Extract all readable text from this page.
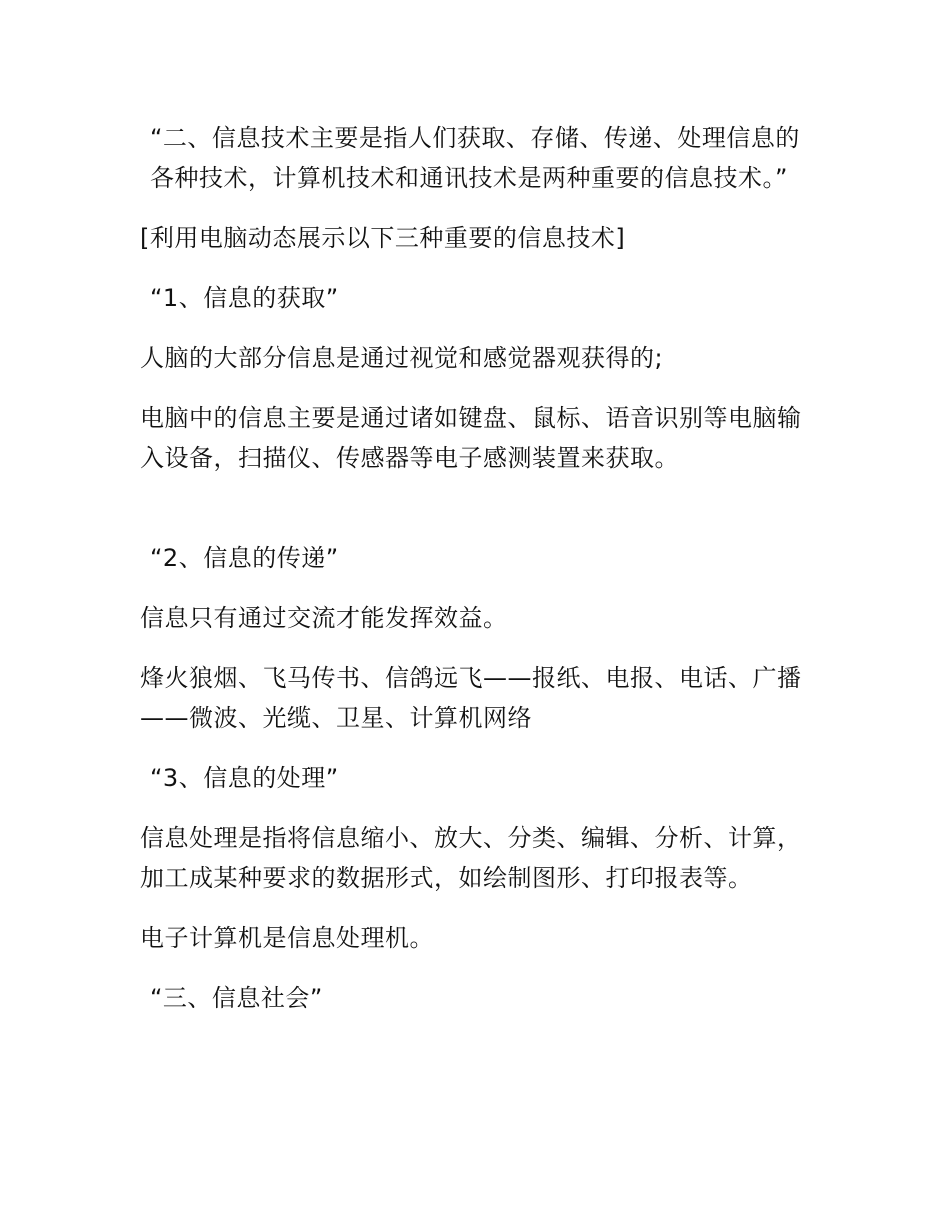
“二、信息技术主要是指人们获取、存储、传递、处理信息的各种技术，计算机技术和通讯技术是两种重要的信息技术。”

[利用电脑动态展示以下三种重要的信息技术]

“1、信息的获取”

人脑的大部分信息是通过视觉和感觉器观获得的;

电脑中的信息主要是通过诸如键盘、鼠标、语音识别等电脑输入设备，扫描仪、传感器等电子感测装置来获取。

“2、信息的传递”

信息只有通过交流才能发挥效益。

烽火狼烟、飞马传书、信鸽远飞——报纸、电报、电话、广播——微波、光缆、卫星、计算机网络

“3、信息的处理”

信息处理是指将信息缩小、放大、分类、编辑、分析、计算，加工成某种要求的数据形式，如绘制图形、打印报表等。

电子计算机是信息处理机。

“三、信息社会”
